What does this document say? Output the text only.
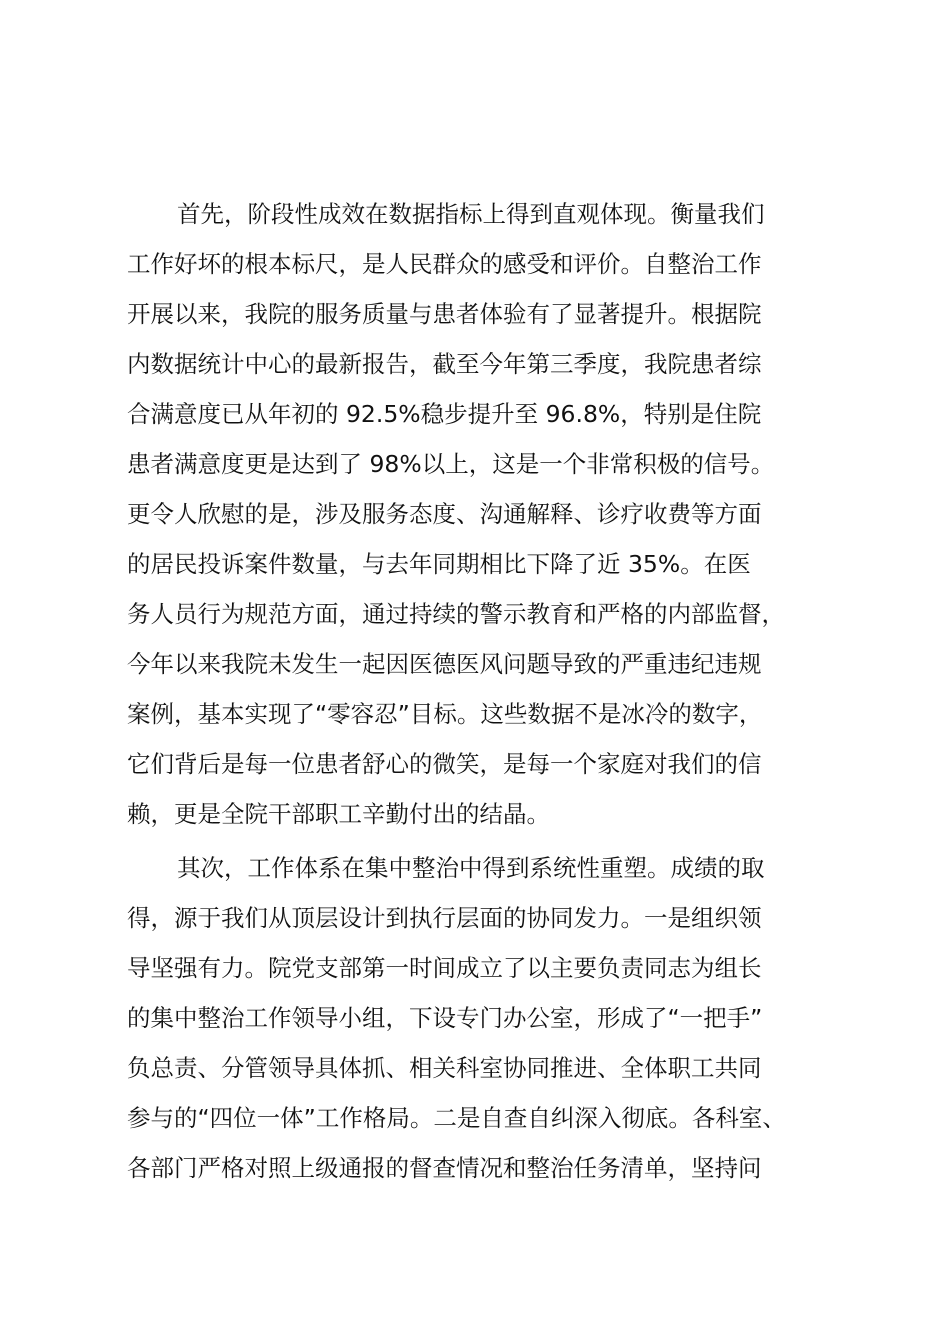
首先，阶段性成效在数据指标上得到直观体现。衡量我们
工作好坏的根本标尺，是人民群众的感受和评价。自整治工作
开展以来，我院的服务质量与患者体验有了显著提升。根据院
内数据统计中心的最新报告，截至今年第三季度，我院患者综
合满意度已从年初的 92.5%稳步提升至 96.8%，特别是住院
患者满意度更是达到了 98%以上，这是一个非常积极的信号。
更令人欣慰的是，涉及服务态度、沟通解释、诊疗收费等方面
的居民投诉案件数量，与去年同期相比下降了近 35%。在医
务人员行为规范方面，通过持续的警示教育和严格的内部监督，
今年以来我院未发生一起因医德医风问题导致的严重违纪违规
案例，基本实现了“零容忍”目标。这些数据不是冰冷的数字，
它们背后是每一位患者舒心的微笑，是每一个家庭对我们的信
赖，更是全院干部职工辛勤付出的结晶。
其次，工作体系在集中整治中得到系统性重塑。成绩的取
得，源于我们从顶层设计到执行层面的协同发力。一是组织领
导坚强有力。院党支部第一时间成立了以主要负责同志为组长
的集中整治工作领导小组，下设专门办公室，形成了“一把手”
负总责、分管领导具体抓、相关科室协同推进、全体职工共同
参与的“四位一体”工作格局。二是自查自纠深入彻底。各科室、
各部门严格对照上级通报的督查情况和整治任务清单，坚持问
